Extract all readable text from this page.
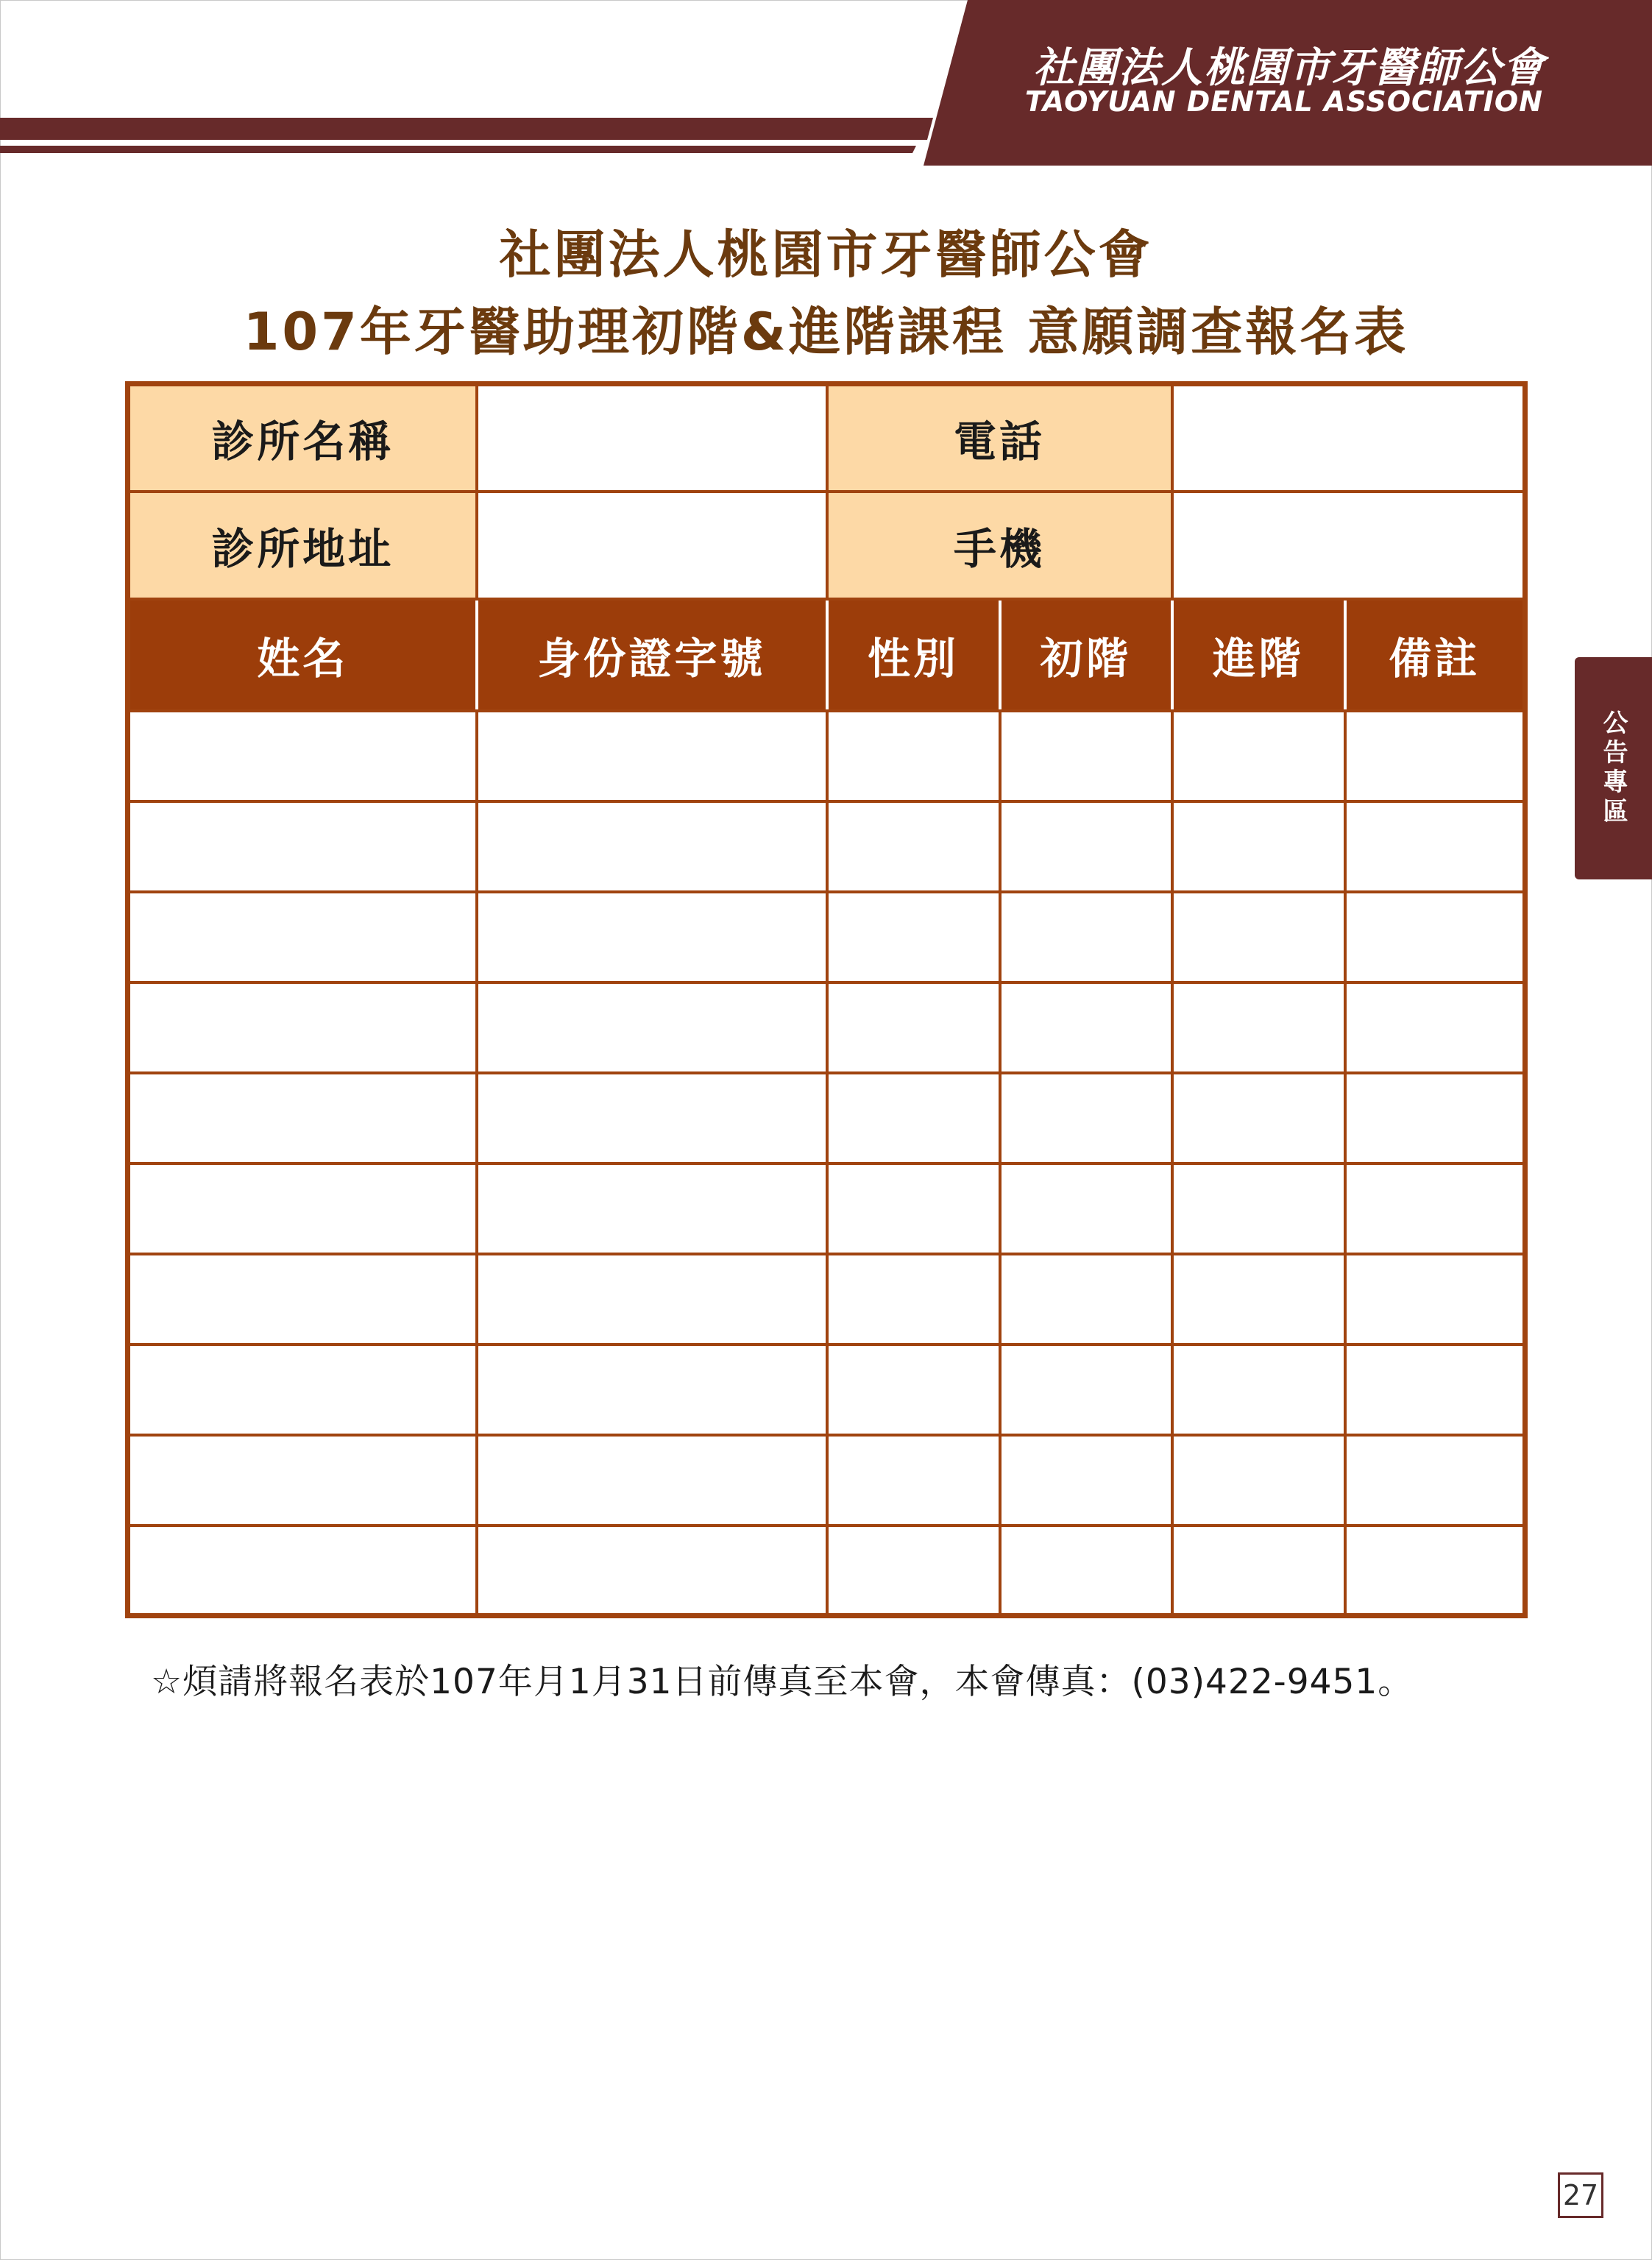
社團法人桃園市牙醫師公會
TAOYUAN DENTAL ASSOCIATION
社團法人桃園市牙醫師公會
107年牙醫助理初階&進階課程 意願調查報名表
診所名稱		電話			
診所地址		手機			
姓名	身份證字號	性別	初階	進階	備註

☆煩請將報名表於107年月1月31日前傳真至本會，本會傳真：(03)422-9451。
公告專區
27
